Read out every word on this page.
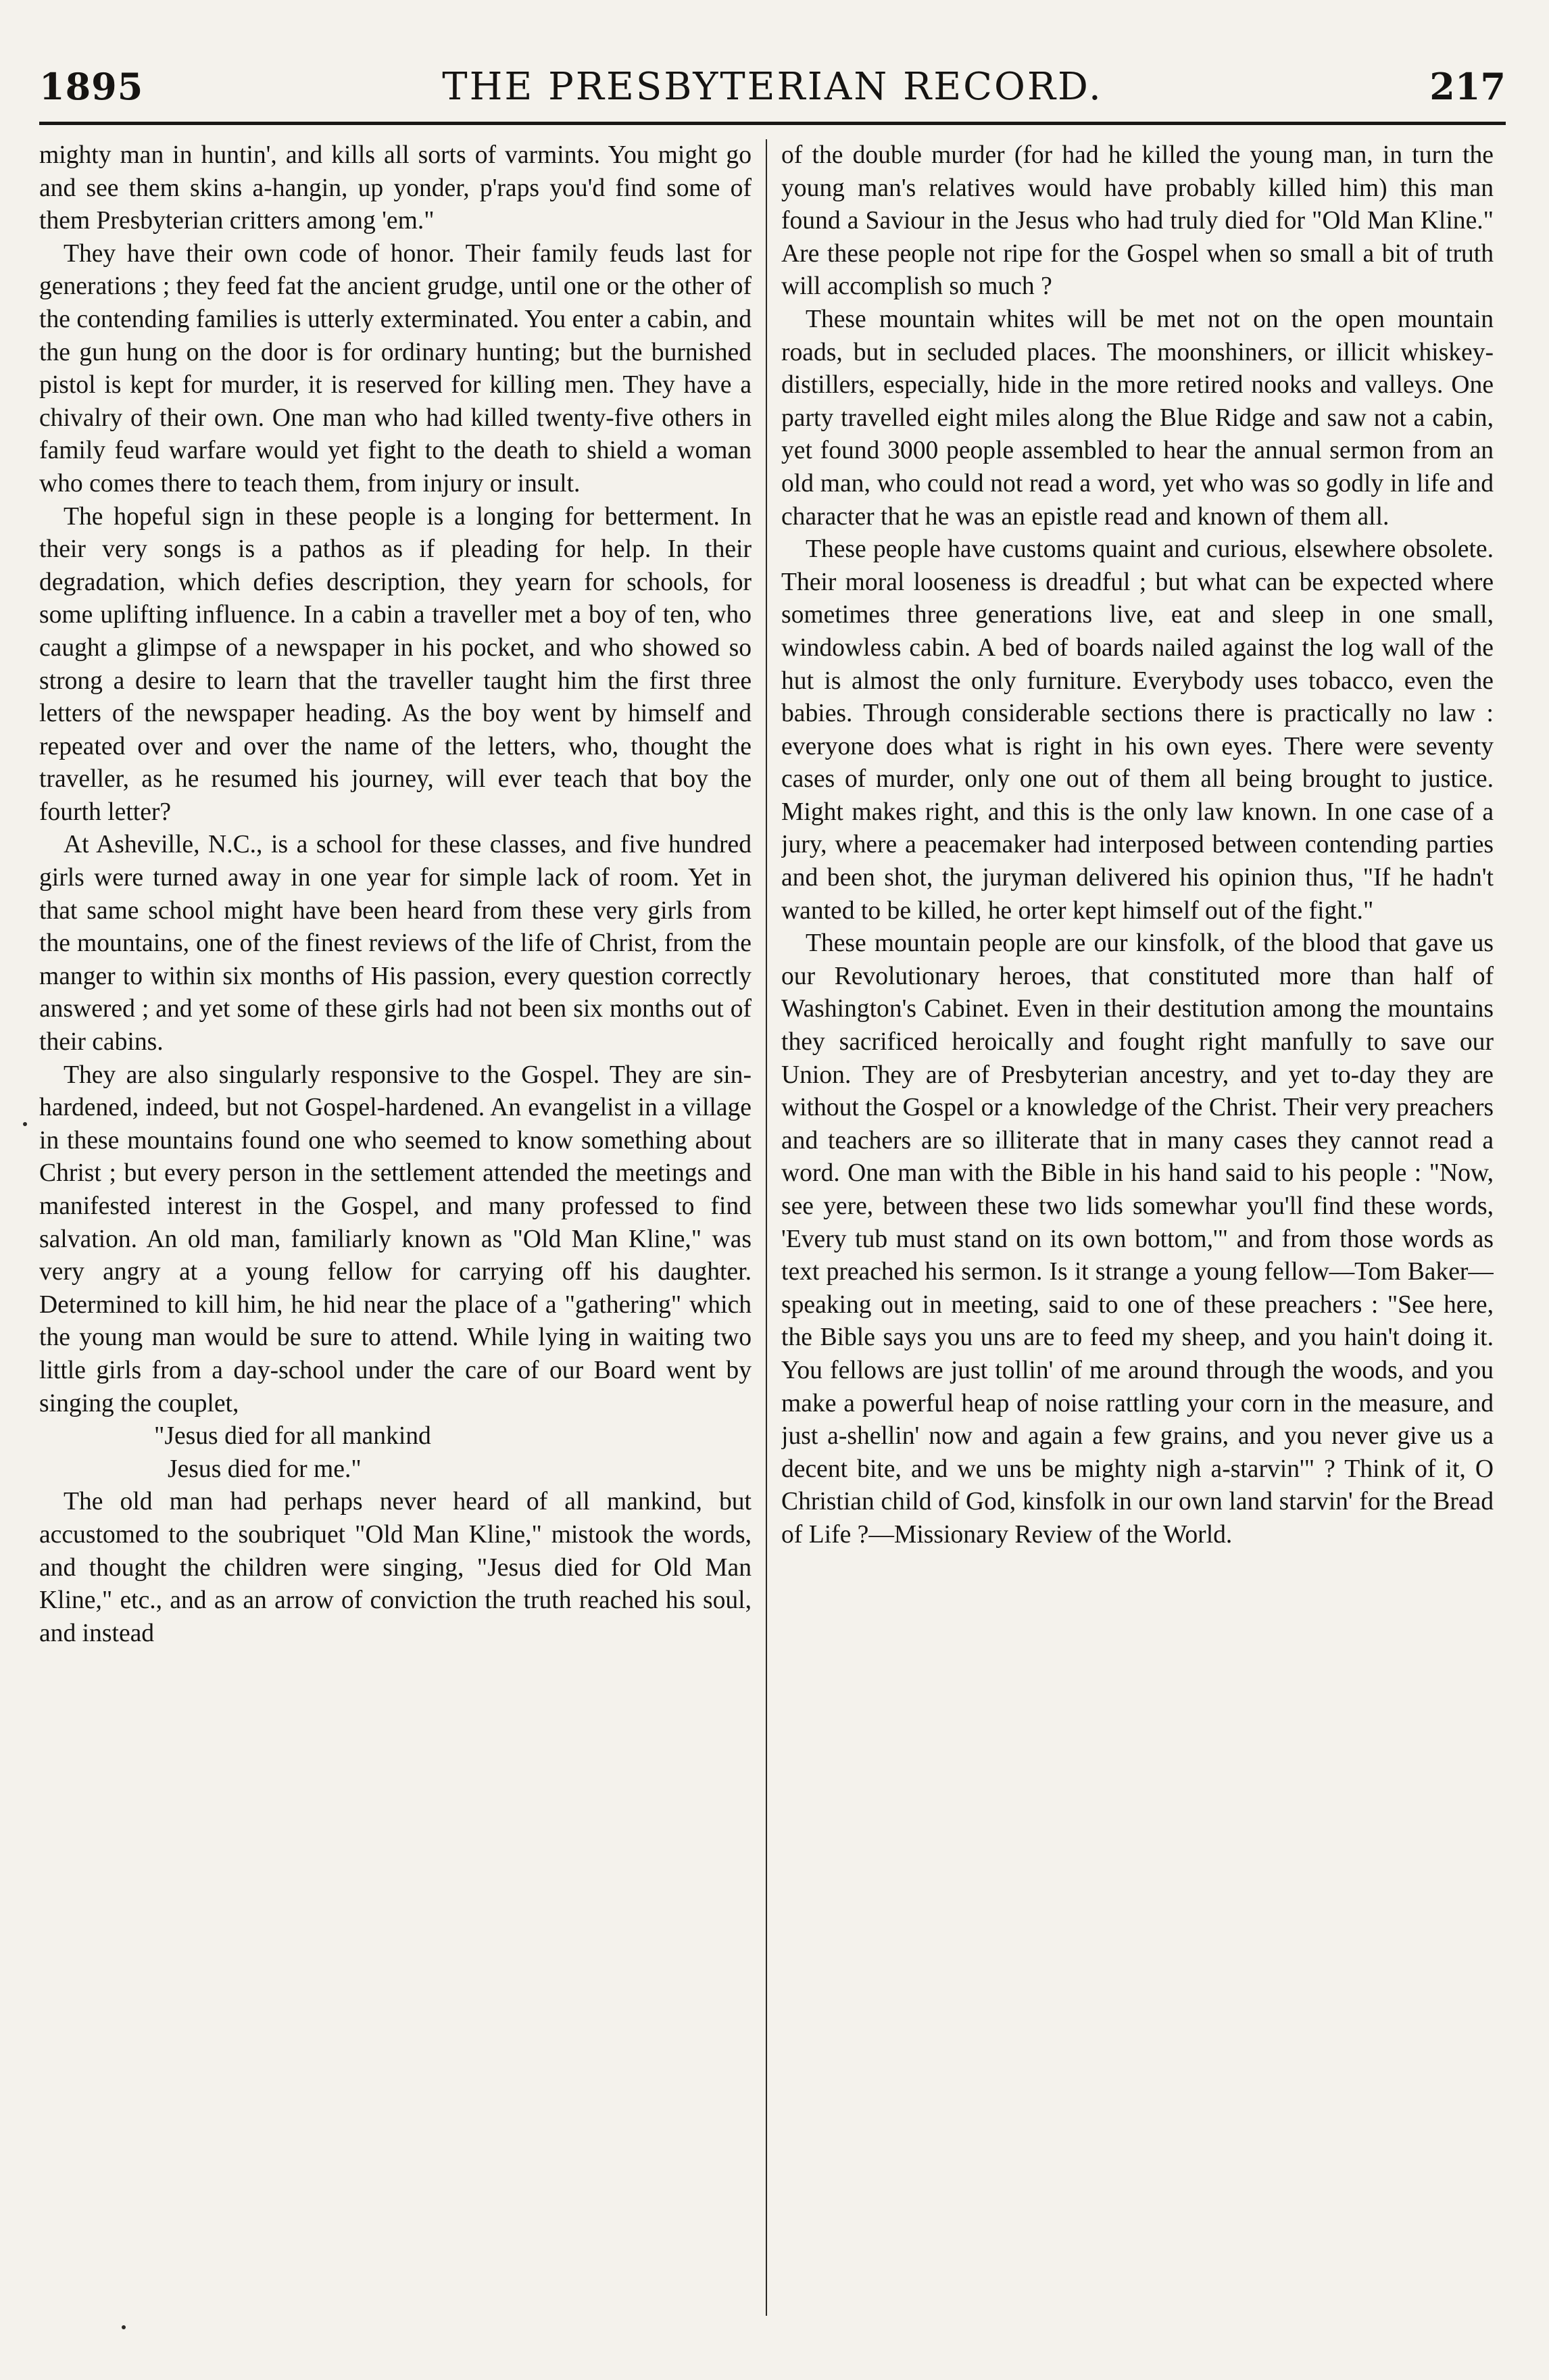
1895	THE PRESBYTERIAN RECORD.	217

mighty man in huntin', and kills all sorts of varmints. You might go and see them skins a-hangin, up yonder, p'raps you'd find some of them Presbyterian critters among 'em."

They have their own code of honor. Their family feuds last for generations ; they feed fat the ancient grudge, until one or the other of the contending families is utterly exterminated. You enter a cabin, and the gun hung on the door is for ordinary hunting; but the burnished pistol is kept for murder, it is reserved for killing men. They have a chivalry of their own. One man who had killed twenty-five others in family feud warfare would yet fight to the death to shield a woman who comes there to teach them, from injury or insult.

The hopeful sign in these people is a longing for betterment. In their very songs is a pathos as if pleading for help. In their degradation, which defies description, they yearn for schools, for some uplifting influence. In a cabin a traveller met a boy of ten, who caught a glimpse of a newspaper in his pocket, and who showed so strong a desire to learn that the traveller taught him the first three letters of the newspaper heading. As the boy went by himself and repeated over and over the name of the letters, who, thought the traveller, as he resumed his journey, will ever teach that boy the fourth letter?

At Asheville, N.C., is a school for these classes, and five hundred girls were turned away in one year for simple lack of room. Yet in that same school might have been heard from these very girls from the mountains, one of the finest reviews of the life of Christ, from the manger to within six months of His passion, every question correctly answered ; and yet some of these girls had not been six months out of their cabins.

They are also singularly responsive to the Gospel. They are sin-hardened, indeed, but not Gospel-hardened. An evangelist in a village in these mountains found one who seemed to know something about Christ ; but every person in the settlement attended the meetings and manifested interest in the Gospel, and many professed to find salvation. An old man, familiarly known as "Old Man Kline," was very angry at a young fellow for carrying off his daughter. Determined to kill him, he hid near the place of a "gathering" which the young man would be sure to attend. While lying in waiting two little girls from a day-school under the care of our Board went by singing the couplet,

"Jesus died for all mankind
Jesus died for me."

The old man had perhaps never heard of all mankind, but accustomed to the soubriquet "Old Man Kline," mistook the words, and thought the children were singing, "Jesus died for Old Man Kline," etc., and as an arrow of conviction the truth reached his soul, and instead

of the double murder (for had he killed the young man, in turn the young man's relatives would have probably killed him) this man found a Saviour in the Jesus who had truly died for "Old Man Kline." Are these people not ripe for the Gospel when so small a bit of truth will accomplish so much ?

These mountain whites will be met not on the open mountain roads, but in secluded places. The moonshiners, or illicit whiskey-distillers, especially, hide in the more retired nooks and valleys. One party travelled eight miles along the Blue Ridge and saw not a cabin, yet found 3000 people assembled to hear the annual sermon from an old man, who could not read a word, yet who was so godly in life and character that he was an epistle read and known of them all.

These people have customs quaint and curious, elsewhere obsolete. Their moral looseness is dreadful ; but what can be expected where sometimes three generations live, eat and sleep in one small, windowless cabin. A bed of boards nailed against the log wall of the hut is almost the only furniture. Everybody uses tobacco, even the babies. Through considerable sections there is practically no law : everyone does what is right in his own eyes. There were seventy cases of murder, only one out of them all being brought to justice. Might makes right, and this is the only law known. In one case of a jury, where a peacemaker had interposed between contending parties and been shot, the juryman delivered his opinion thus, "If he hadn't wanted to be killed, he orter kept himself out of the fight."

These mountain people are our kinsfolk, of the blood that gave us our Revolutionary heroes, that constituted more than half of Washington's Cabinet. Even in their destitution among the mountains they sacrificed heroically and fought right manfully to save our Union. They are of Presbyterian ancestry, and yet to-day they are without the Gospel or a knowledge of the Christ. Their very preachers and teachers are so illiterate that in many cases they cannot read a word. One man with the Bible in his hand said to his people : "Now, see yere, between these two lids somewhar you'll find these words, 'Every tub must stand on its own bottom,'" and from those words as text preached his sermon. Is it strange a young fellow—Tom Baker—speaking out in meeting, said to one of these preachers : "See here, the Bible says you uns are to feed my sheep, and you hain't doing it. You fellows are just tollin' of me around through the woods, and you make a powerful heap of noise rattling your corn in the measure, and just a-shellin' now and again a few grains, and you never give us a decent bite, and we uns be mighty nigh a-starvin'" ? Think of it, O Christian child of God, kinsfolk in our own land starvin' for the Bread of Life ?—Missionary Review of the World.
